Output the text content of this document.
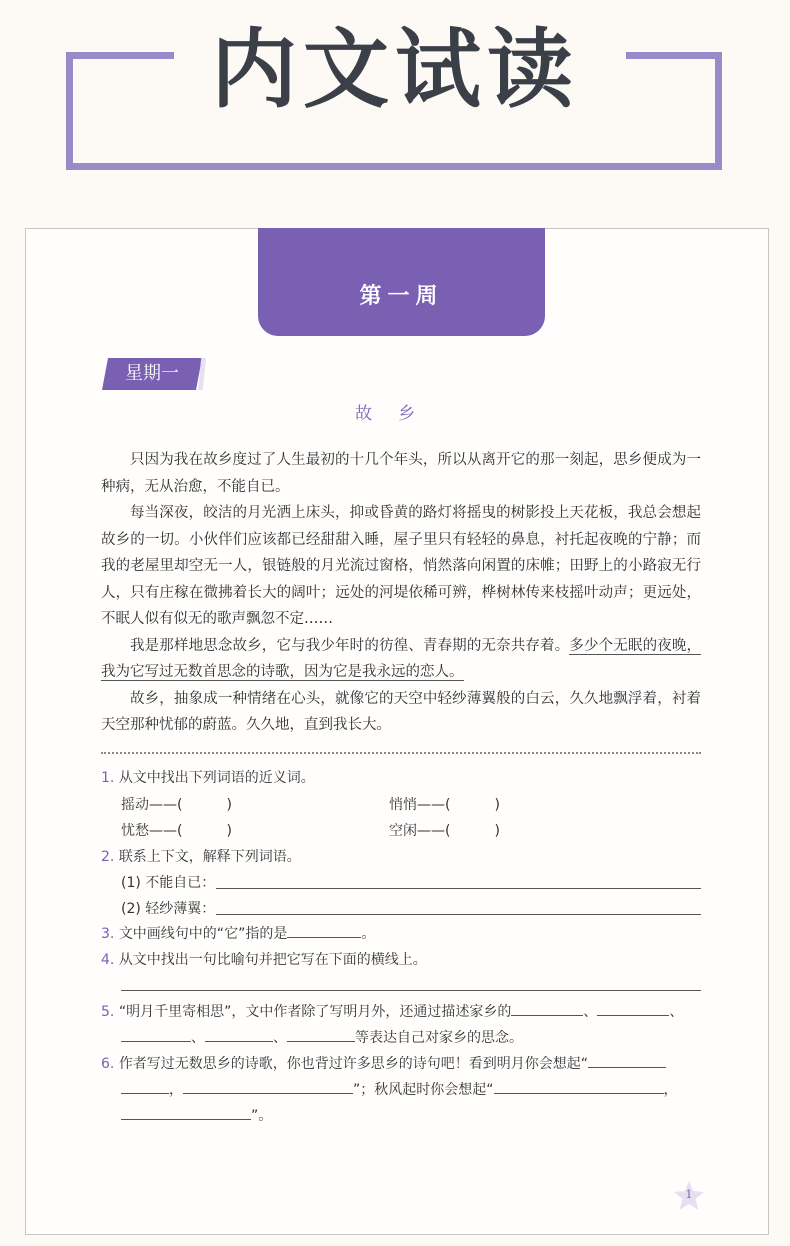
内文试读
第一周
星期一
故乡

只因为我在故乡度过了人生最初的十几个年头，所以从离开它的那一刻起，思乡便成为一种病，无从治愈，不能自已。

每当深夜，皎洁的月光洒上床头，抑或昏黄的路灯将摇曳的树影投上天花板，我总会想起故乡的一切。小伙伴们应该都已经甜甜入睡，屋子里只有轻轻的鼻息，衬托起夜晚的宁静；而我的老屋里却空无一人，银链般的月光流过窗格，悄然落向闲置的床帷；田野上的小路寂无行人，只有庄稼在微拂着长大的阔叶；远处的河堤依稀可辨，桦树林传来枝摇叶动声；更远处，不眠人似有似无的歌声飘忽不定……

我是那样地思念故乡，它与我少年时的彷徨、青春期的无奈共存着。多少个无眠的夜晚，我为它写过无数首思念的诗歌，因为它是我永远的恋人。

故乡，抽象成一种情绪在心头，就像它的天空中轻纱薄翼般的白云，久久地飘浮着，衬着天空那种忧郁的蔚蓝。久久地，直到我长大。

1. 从文中找出下列词语的近义词。
摇动——(	)	悄悄——(	)
忧愁——(	)	空闲——(	)
2. 联系上下文，解释下列词语。
(1) 不能自已：
(2) 轻纱薄翼：
3. 文中画线句中的“它”指的是	。
4. 从文中找出一句比喻句并把它写在下面的横线上。
5. “明月千里寄相思”，文中作者除了写明月外，还通过描述家乡的	、	、
、	、	等表达自己对家乡的思念。
6. 作者写过无数思乡的诗歌，你也背过许多思乡的诗句吧！看到明月你会想起“
，	”；秋风起时你会想起“	，
”。
1
